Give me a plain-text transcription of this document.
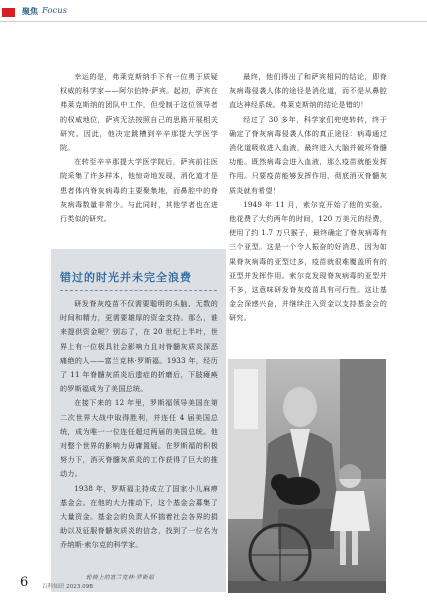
聚焦 Focus

幸运的是，弗莱克斯纳手下有一位勇于质疑权威的科学家——阿尔伯特·萨宾。起初，萨宾在弗莱克斯纳的团队中工作，但受制于这位领导者的权威地位，萨宾无法按照自己的思路开展相关研究。因此，他决定跳槽到辛辛那提大学医学院。

在转至辛辛那提大学医学院后，萨宾前往医院采集了许多样本，他惊奇地发现，消化道才是患者体内脊灰病毒的主要聚集地，而鼻腔中的脊灰病毒数量非常少。与此同时，其他学者也在进行类似的研究。

最终，他们得出了和萨宾相同的结论，即脊灰病毒侵袭人体的途径是消化道，而不是从鼻腔直达神经系统。弗莱克斯纳的结论是错的！

经过了 30 多年，科学家们兜兜转转，终于确定了脊灰病毒侵袭人体的真正途径：病毒通过消化道吸收进入血液，最终进入大脑并破坏脊髓功能。既然病毒会进入血液，那么疫苗就能发挥作用。只要疫苗能够发挥作用，彻底消灭脊髓灰质炎就有希望！

1949 年 11 月，索尔克开始了他的实验。他花费了大约两年的时间，120 万美元的经费，使用了约 1.7 万只猴子，最终确定了脊灰病毒有三个亚型。这是一个令人振奋的好消息，因为如果脊灰病毒的亚型过多，疫苗就很难覆盖所有的亚型并发挥作用。索尔克发现脊灰病毒的亚型并不多，这意味研发脊灰疫苗具有可行性。这让基金会深感兴奋，并继续注入资金以支持基金会的研究。

错过的时光并未完全浪费

研发脊灰疫苗不仅需要聪明的头脑、无数的时间和精力，更需要雄厚的资金支持。那么，谁来提供资金呢？别忘了，在 20 世纪上半叶，世界上有一位极具社会影响力且对脊髓灰质炎深恶痛绝的人——富兰克林·罗斯福。1933 年，经历了 11 年脊髓灰质炎后遗症的折磨后，下肢瘫痪的罗斯福成为了美国总统。

在接下来的 12 年里，罗斯福领导美国在第二次世界大战中取得胜利，并连任 4 届美国总统，成为唯一一位连任超过两届的美国总统。他对整个世界的影响力毋庸置疑。在罗斯福的积极努力下，消灭脊髓灰质炎的工作获得了巨大的推动力。

1938 年，罗斯福主持成立了国家小儿麻痹基金会。在他的大力推动下，这个基金会募集了大量资金。基金会的负责人怀揣着社会各界的捐助以及征服脊髓灰质炎的信念，找到了一位名为乔纳斯·索尔克的科学家。

轮椅上的富兰克林·罗斯福
6 百科知识 2023.09B
